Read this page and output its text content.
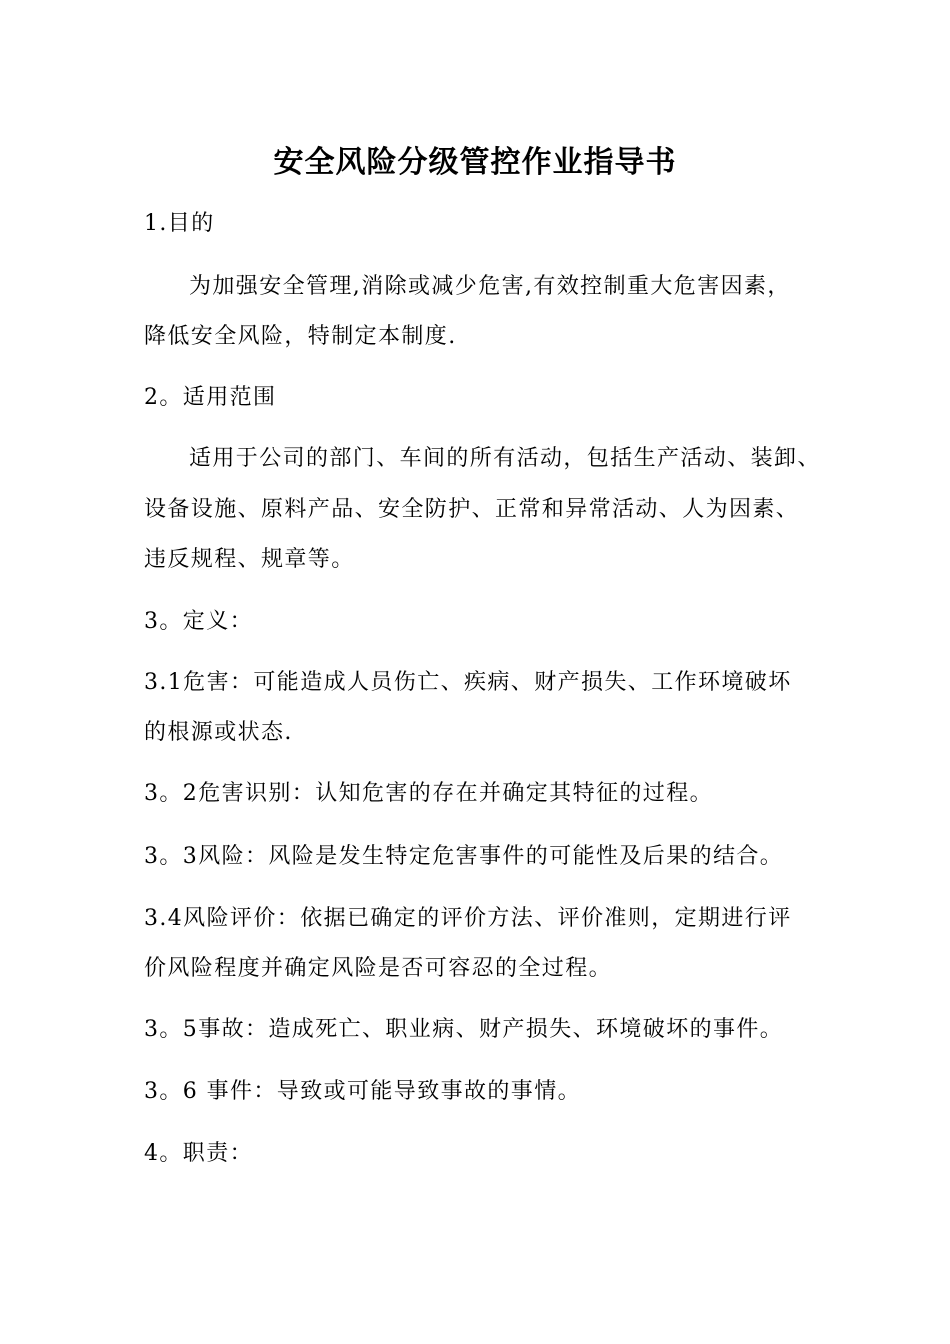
安全风险分级管控作业指导书
1.目的
为加强安全管理,消除或减少危害,有效控制重大危害因素，
降低安全风险，特制定本制度.
2。适用范围
适用于公司的部门、车间的所有活动，包括生产活动、装卸、
设备设施、原料产品、安全防护、正常和异常活动、人为因素、
违反规程、规章等。
3。定义：
3.1危害：可能造成人员伤亡、疾病、财产损失、工作环境破坏
的根源或状态.
3。2危害识别：认知危害的存在并确定其特征的过程。
3。3风险：风险是发生特定危害事件的可能性及后果的结合。
3.4风险评价：依据已确定的评价方法、评价准则，定期进行评
价风险程度并确定风险是否可容忍的全过程。
3。5事故：造成死亡、职业病、财产损失、环境破坏的事件。
3。6 事件：导致或可能导致事故的事情。
4。职责：
